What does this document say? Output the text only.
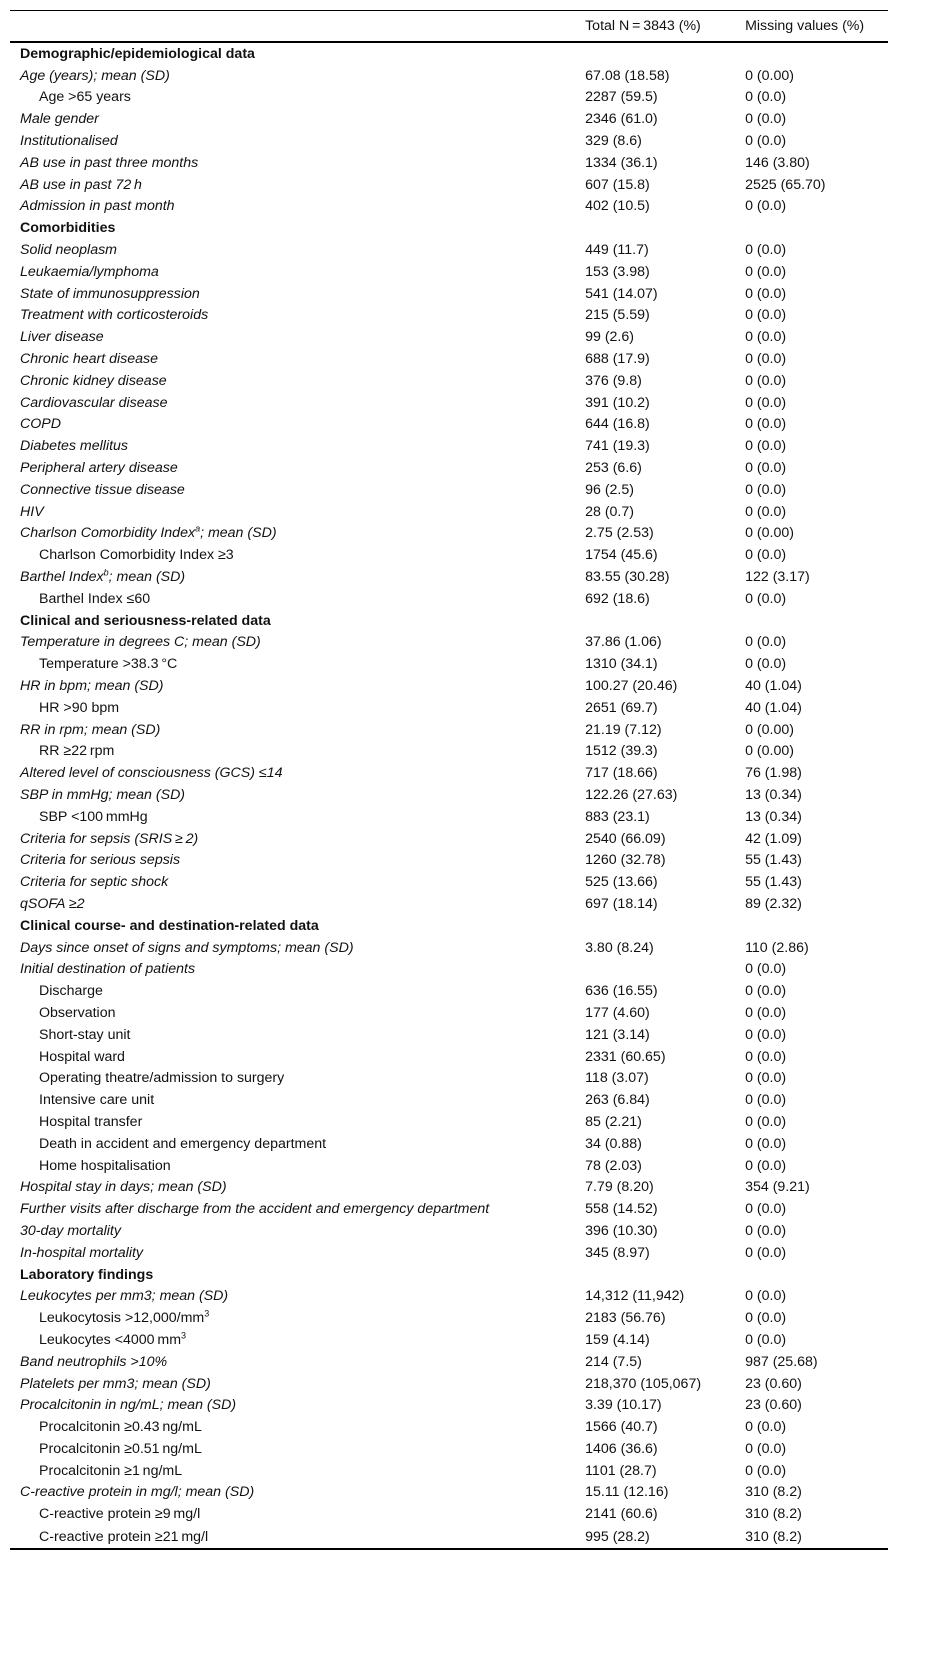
	Total N = 3843 (%)	Missing values (%)
Demographic/epidemiological data		
Age (years); mean (SD)	67.08 (18.58)	0 (0.00)
Age >65 years	2287 (59.5)	0 (0.0)
Male gender	2346 (61.0)	0 (0.0)
Institutionalised	329 (8.6)	0 (0.0)
AB use in past three months	1334 (36.1)	146 (3.80)
AB use in past 72 h	607 (15.8)	2525 (65.70)
Admission in past month	402 (10.5)	0 (0.0)
Comorbidities		
Solid neoplasm	449 (11.7)	0 (0.0)
Leukaemia/lymphoma	153 (3.98)	0 (0.0)
State of immunosuppression	541 (14.07)	0 (0.0)
Treatment with corticosteroids	215 (5.59)	0 (0.0)
Liver disease	99 (2.6)	0 (0.0)
Chronic heart disease	688 (17.9)	0 (0.0)
Chronic kidney disease	376 (9.8)	0 (0.0)
Cardiovascular disease	391 (10.2)	0 (0.0)
COPD	644 (16.8)	0 (0.0)
Diabetes mellitus	741 (19.3)	0 (0.0)
Peripheral artery disease	253 (6.6)	0 (0.0)
Connective tissue disease	96 (2.5)	0 (0.0)
HIV	28 (0.7)	0 (0.0)
Charlson Comorbidity Index$^a$; mean (SD)	2.75 (2.53)	0 (0.00)
Charlson Comorbidity Index ≥3	1754 (45.6)	0 (0.0)
Barthel Index$^b$; mean (SD)	83.55 (30.28)	122 (3.17)
Barthel Index ≤60	692 (18.6)	0 (0.0)
Clinical and seriousness-related data		
Temperature in degrees C; mean (SD)	37.86 (1.06)	0 (0.0)
Temperature >38.3 °C	1310 (34.1)	0 (0.0)
HR in bpm; mean (SD)	100.27 (20.46)	40 (1.04)
HR >90 bpm	2651 (69.7)	40 (1.04)
RR in rpm; mean (SD)	21.19 (7.12)	0 (0.00)
RR ≥22 rpm	1512 (39.3)	0 (0.00)
Altered level of consciousness (GCS) ≤14	717 (18.66)	76 (1.98)
SBP in mmHg; mean (SD)	122.26 (27.63)	13 (0.34)
SBP <100 mmHg	883 (23.1)	13 (0.34)
Criteria for sepsis (SRIS ≥ 2)	2540 (66.09)	42 (1.09)
Criteria for serious sepsis	1260 (32.78)	55 (1.43)
Criteria for septic shock	525 (13.66)	55 (1.43)
qSOFA ≥2	697 (18.14)	89 (2.32)
Clinical course- and destination-related data		
Days since onset of signs and symptoms; mean (SD)	3.80 (8.24)	110 (2.86)
Initial destination of patients		0 (0.0)
Discharge	636 (16.55)	0 (0.0)
Observation	177 (4.60)	0 (0.0)
Short-stay unit	121 (3.14)	0 (0.0)
Hospital ward	2331 (60.65)	0 (0.0)
Operating theatre/admission to surgery	118 (3.07)	0 (0.0)
Intensive care unit	263 (6.84)	0 (0.0)
Hospital transfer	85 (2.21)	0 (0.0)
Death in accident and emergency department	34 (0.88)	0 (0.0)
Home hospitalisation	78 (2.03)	0 (0.0)
Hospital stay in days; mean (SD)	7.79 (8.20)	354 (9.21)
Further visits after discharge from the accident and emergency department	558 (14.52)	0 (0.0)
30-day mortality	396 (10.30)	0 (0.0)
In-hospital mortality	345 (8.97)	0 (0.0)
Laboratory findings		
Leukocytes per mm3; mean (SD)	14,312 (11,942)	0 (0.0)
Leukocytosis $>12,000/mm^3$	2183 (56.76)	0 (0.0)
Leukocytes <4000 $mm^3$	159 (4.14)	0 (0.0)
Band neutrophils >10%	214 (7.5)	987 (25.68)
Platelets per mm3; mean (SD)	218,370 (105,067)	23 (0.60)
Procalcitonin in ng/mL; mean (SD)	3.39 (10.17)	23 (0.60)
Procalcitonin ≥0.43 ng/mL	1566 (40.7)	0 (0.0)
Procalcitonin ≥0.51 ng/mL	1406 (36.6)	0 (0.0)
Procalcitonin ≥1 ng/mL	1101 (28.7)	0 (0.0)
C-reactive protein in mg/l; mean (SD)	15.11 (12.16)	310 (8.2)
C-reactive protein ≥9 mg/l	2141 (60.6)	310 (8.2)
C-reactive protein ≥21 mg/l	995 (28.2)	310 (8.2)
